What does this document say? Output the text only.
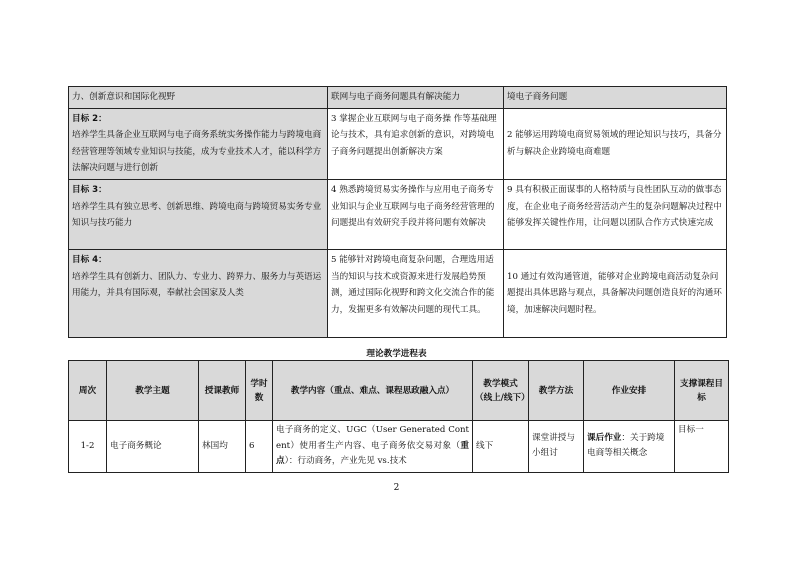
力、创新意识和国际化视野	联网与电子商务问题具有解决能力	境电子商务问题

目标 2：
培养学生具备企业互联网与电子商务系统实务操作能力与跨境电商经营管理等领域专业知识与技能，成为专业技术人才，能以科学方法解决问题与进行创新	3 掌握企业互联网与电子商务操 作等基础理论与技术，具有追求创新的意识，对跨境电子商务问题提出创新解决方案	2 能够运用跨境电商贸易领域的理论知识与技巧，具备分析与解决企业跨境电商难题

目标 3：
培养学生具有独立思考、创新思维、跨境电商与跨境贸易实务专业知识与技巧能力	4 熟悉跨境贸易实务操作与应用电子商务专业知识与企业互联网与电子商务经营管理的问题提出有效研究手段并将问题有效解决	9 具有积极正面谋事的人格特质与良性团队互动的做事态度，在企业电子商务经营活动产生的复杂问题解决过程中能够发挥关键性作用，让问题以团队合作方式快速完成

目标 4：
培养学生具有创新力、团队力、专业力、跨界力、服务力与英语运用能力，并具有国际观，奉献社会国家及人类	5 能够针对跨境电商复杂问题，合理选用适当的知识与技术或资源来进行发展趋势预测，通过国际化视野和跨文化交流合作的能力，发掘更多有效解决问题的现代工具。	10 通过有效沟通管道，能够对企业跨境电商活动复杂问题提出具体思路与观点，具备解决问题创造良好的沟通环境，加速解决问题时程。
理论教学进程表
周次	教学主题	授课教师	学时数	教学内容（重点、难点、课程思政融入点）	教学模式（线上/线下）	教学方法	作业安排	支撑课程目标
1-2	电子商务概论	林国均	6	电子商务的定义、UGC（User Generated Content）使用者生产内容、电子商务依交易对象（重点）：行动商务，产业先见 vs.技术	线下	课堂讲授与小组讨	课后作业：关于跨境电商等相关概念	目标一
2
